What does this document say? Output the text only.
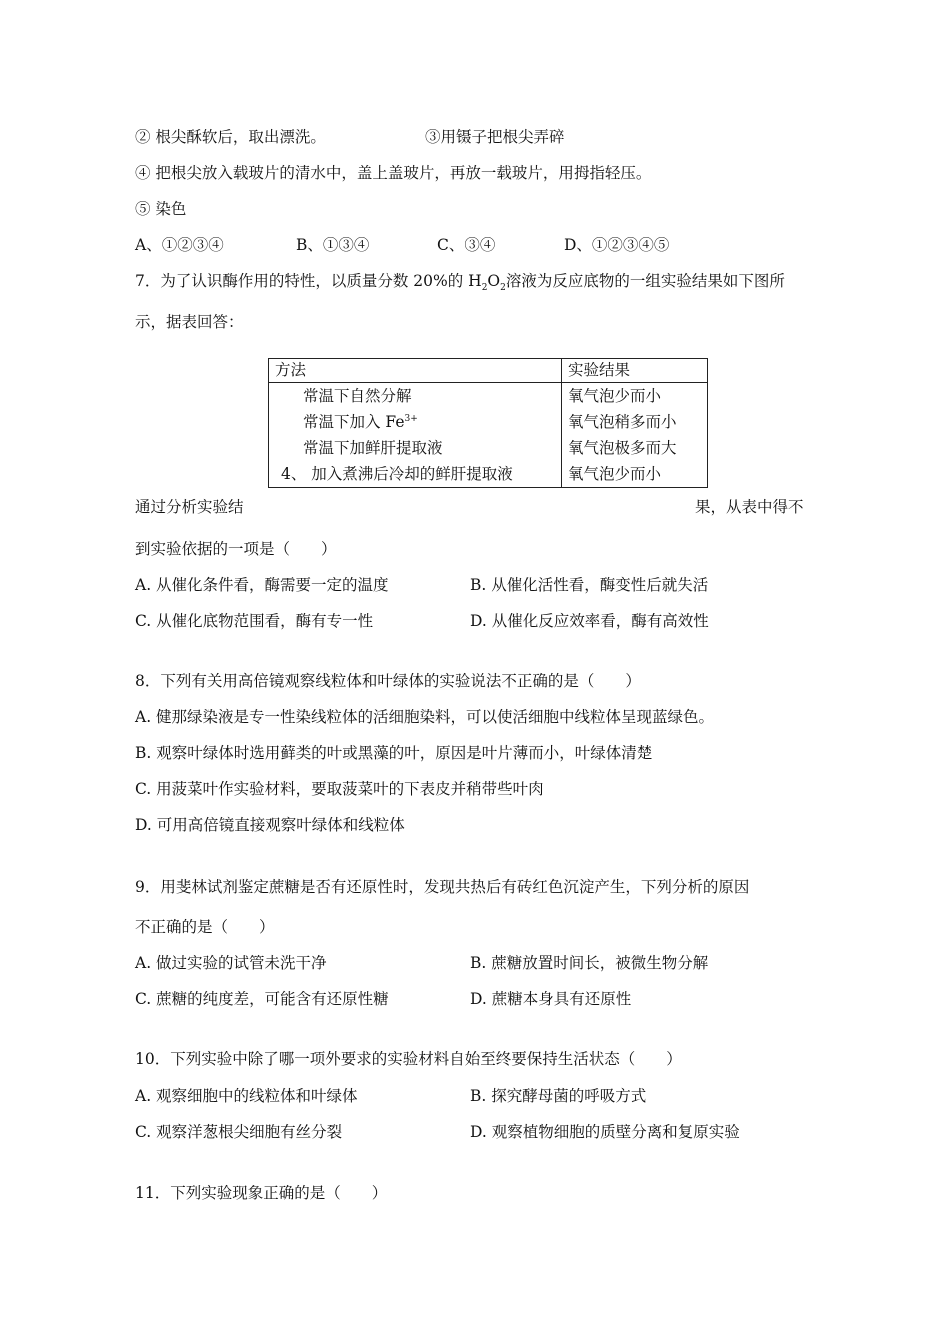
② 根尖酥软后，取出漂洗。	③用镊子把根尖弄碎
④ 把根尖放入载玻片的清水中，盖上盖玻片，再放一载玻片，用拇指轻压。
⑤ 染色
A、①②③④	B、①③④	C、③④	D、①②③④⑤
7．为了认识酶作用的特性，以质量分数 20%的 $H_2O_2$溶液为反应底物的一组实验结果如下图所
示，据表回答：
方法	实验结果
常温下自然分解	氧气泡少而小
常温下加入 $Fe^{3+}$	氧气泡稍多而小
常温下加鲜肝提取液	氧气泡极多而大
4、 加入煮沸后冷却的鲜肝提取液	氧气泡少而小
通过分析实验结	果，从表中得不
到实验依据的一项是（　　）
A. 从催化条件看，酶需要一定的温度	B. 从催化活性看，酶变性后就失活
C. 从催化底物范围看，酶有专一性	D. 从催化反应效率看，酶有高效性
8．下列有关用高倍镜观察线粒体和叶绿体的实验说法不正确的是（　　）
A. 健那绿染液是专一性染线粒体的活细胞染料，可以使活细胞中线粒体呈现蓝绿色。
B. 观察叶绿体时选用藓类的叶或黑藻的叶，原因是叶片薄而小，叶绿体清楚
C. 用菠菜叶作实验材料，要取菠菜叶的下表皮并稍带些叶肉
D. 可用高倍镜直接观察叶绿体和线粒体
9．用斐林试剂鉴定蔗糖是否有还原性时，发现共热后有砖红色沉淀产生，下列分析的原因
不正确的是（　　）
A. 做过实验的试管未洗干净	B. 蔗糖放置时间长，被微生物分解
C. 蔗糖的纯度差，可能含有还原性糖	D. 蔗糖本身具有还原性
10．下列实验中除了哪一项外要求的实验材料自始至终要保持生活状态（　　）
A. 观察细胞中的线粒体和叶绿体	B. 探究酵母菌的呼吸方式
C. 观察洋葱根尖细胞有丝分裂	D. 观察植物细胞的质壁分离和复原实验
11．下列实验现象正确的是（　　）
